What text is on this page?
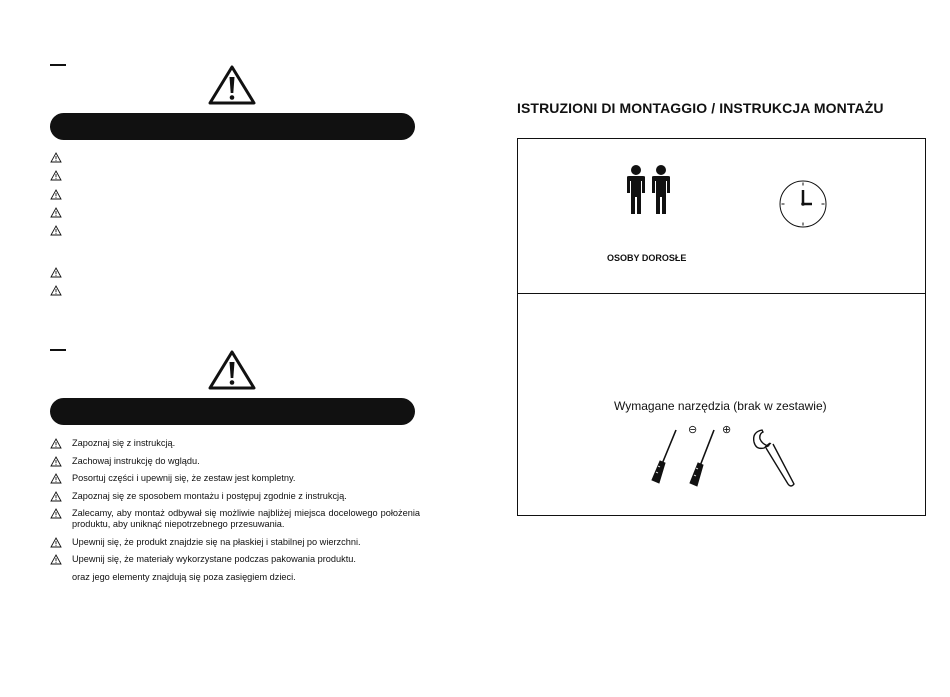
Zapoznaj się z instrukcją.
Zachowaj instrukcję do wglądu.
Posortuj części i upewnij się, że zestaw jest kompletny.
Zapoznaj się ze sposobem montażu i postępuj zgodnie z instrukcją.
Zalecamy, aby montaż odbywał się możliwie najbliżej miejsca docelowego położenia produktu, aby uniknąć niepotrzebnego przesuwania.
Upewnij się, że produkt znajdzie się na płaskiej i stabilnej po wierzchni.
Upewnij się, że materiały wykorzystane podczas pakowania produktu.
oraz jego elementy znajdują się poza zasięgiem dzieci.
ISTRUZIONI DI MONTAGGIO / INSTRUKCJA MONTAŻU
OSOBY DOROSŁE
Wymagane narzędzia (brak w zestawie)
⊖ ⊕
